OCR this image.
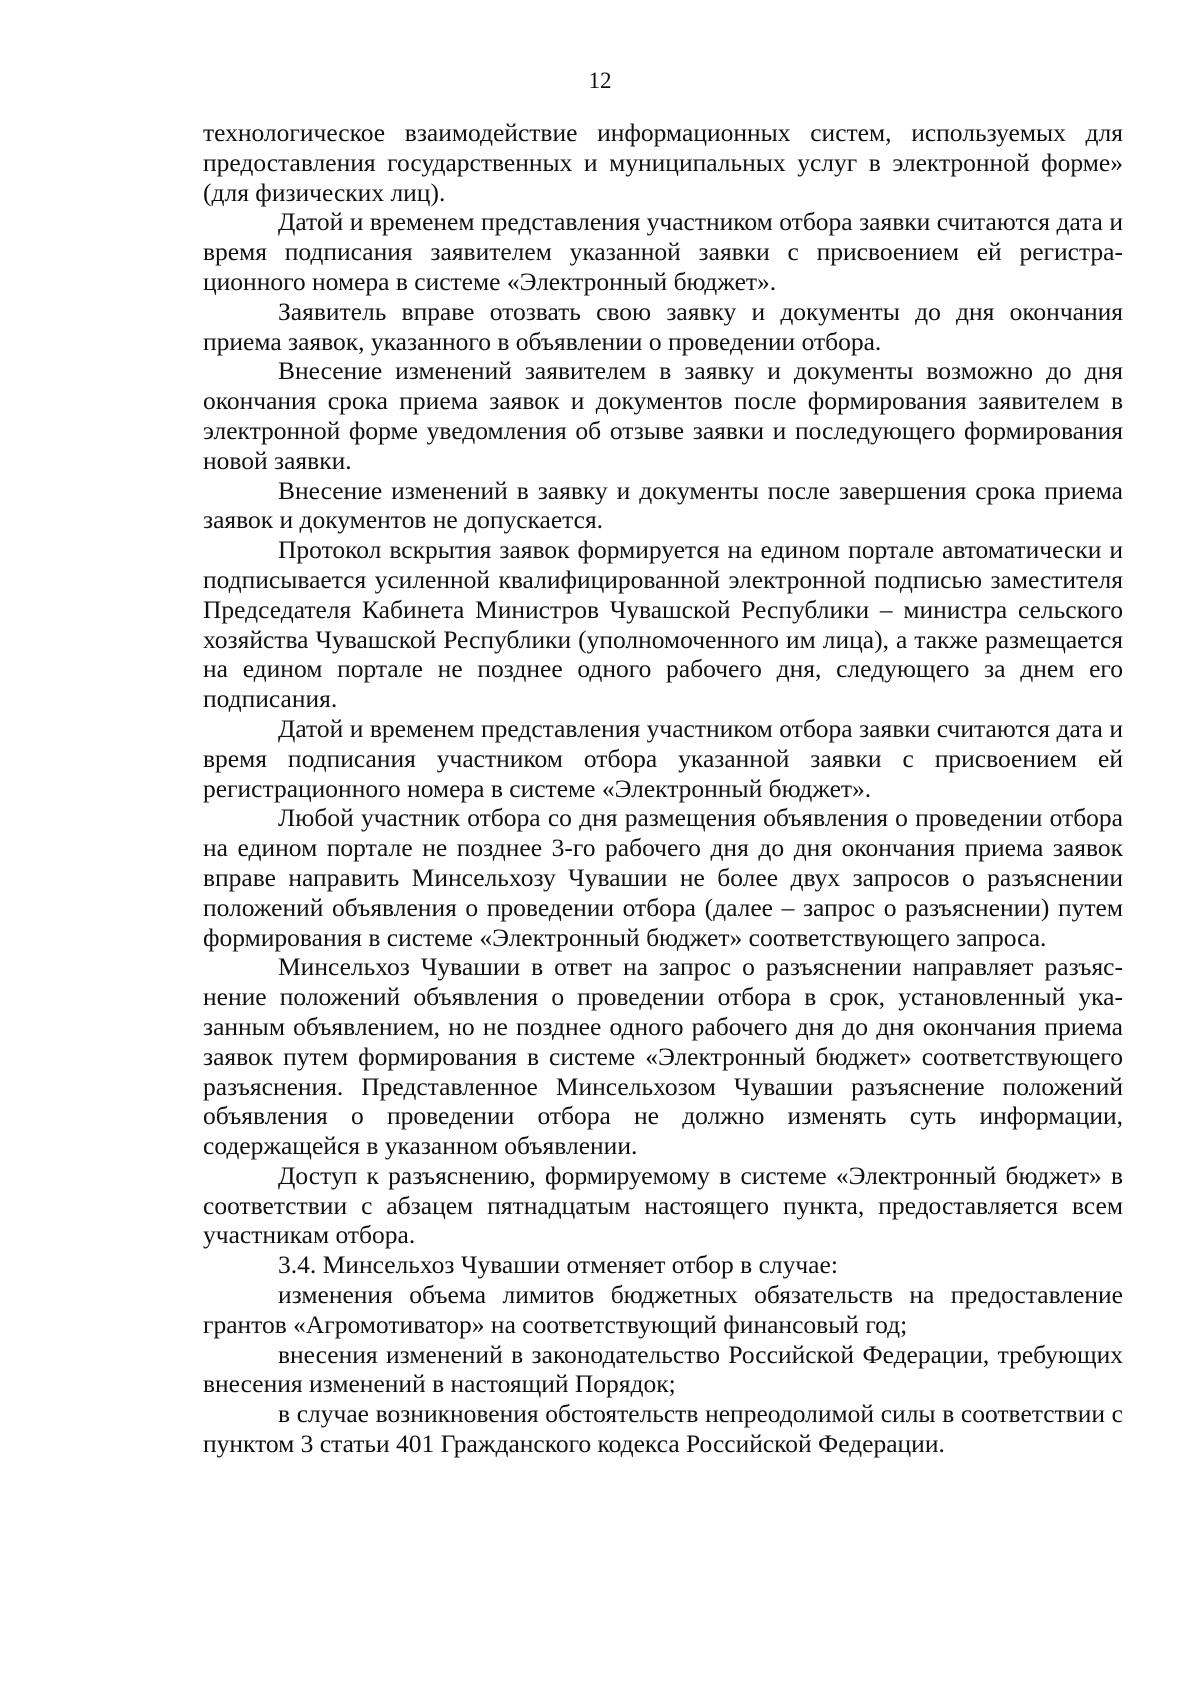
12

технологическое взаимодействие информационных систем, используемых для предоставления государственных и муниципальных услуг в электронной форме» (для физических лиц).

Датой и временем представления участником отбора заявки считаются дата и время подписания заявителем указанной заявки с присвоением ей регистрационного номера в системе «Электронный бюджет».

Заявитель вправе отозвать свою заявку и документы до дня окончания приема заявок, указанного в объявлении о проведении отбора.

Внесение изменений заявителем в заявку и документы возможно до дня окончания срока приема заявок и документов после формирования заявителем в электронной форме уведомления об отзыве заявки и последующего формирования новой заявки.

Внесение изменений в заявку и документы после завершения срока приема заявок и документов не допускается.

Протокол вскрытия заявок формируется на едином портале автоматически и подписывается усиленной квалифицированной электронной подписью заместителя Председателя Кабинета Министров Чувашской Республики – министра сельского хозяйства Чувашской Республики (уполномоченного им лица), а также размещается на едином портале не позднее одного рабочего дня, следующего за днем его подписания.

Датой и временем представления участником отбора заявки считаются дата и время подписания участником отбора указанной заявки с присвоением ей регистрационного номера в системе «Электронный бюджет».

Любой участник отбора со дня размещения объявления о проведении отбора на едином портале не позднее 3-го рабочего дня до дня окончания приема заявок вправе направить Минсельхозу Чувашии не более двух запросов о разъяснении положений объявления о проведении отбора (далее – запрос о разъяснении) путем формирования в системе «Электронный бюджет» соответствующего запроса.

Минсельхоз Чувашии в ответ на запрос о разъяснении направляет разъяснение положений объявления о проведении отбора в срок, установленный указанным объявлением, но не позднее одного рабочего дня до дня окончания приема заявок путем формирования в системе «Электронный бюджет» соответствующего разъяснения. Представленное Минсельхозом Чувашии разъяснение положений объявления о проведении отбора не должно изменять суть информации, содержащейся в указанном объявлении.

Доступ к разъяснению, формируемому в системе «Электронный бюджет» в соответствии с абзацем пятнадцатым настоящего пункта, предоставляется всем участникам отбора.

3.4. Минсельхоз Чувашии отменяет отбор в случае:

изменения объема лимитов бюджетных обязательств на предоставление грантов «Агромотиватор» на соответствующий финансовый год;

внесения изменений в законодательство Российской Федерации, требующих внесения изменений в настоящий Порядок;

в случае возникновения обстоятельств непреодолимой силы в соответствии с пунктом 3 статьи 401 Гражданского кодекса Российской Федерации.
